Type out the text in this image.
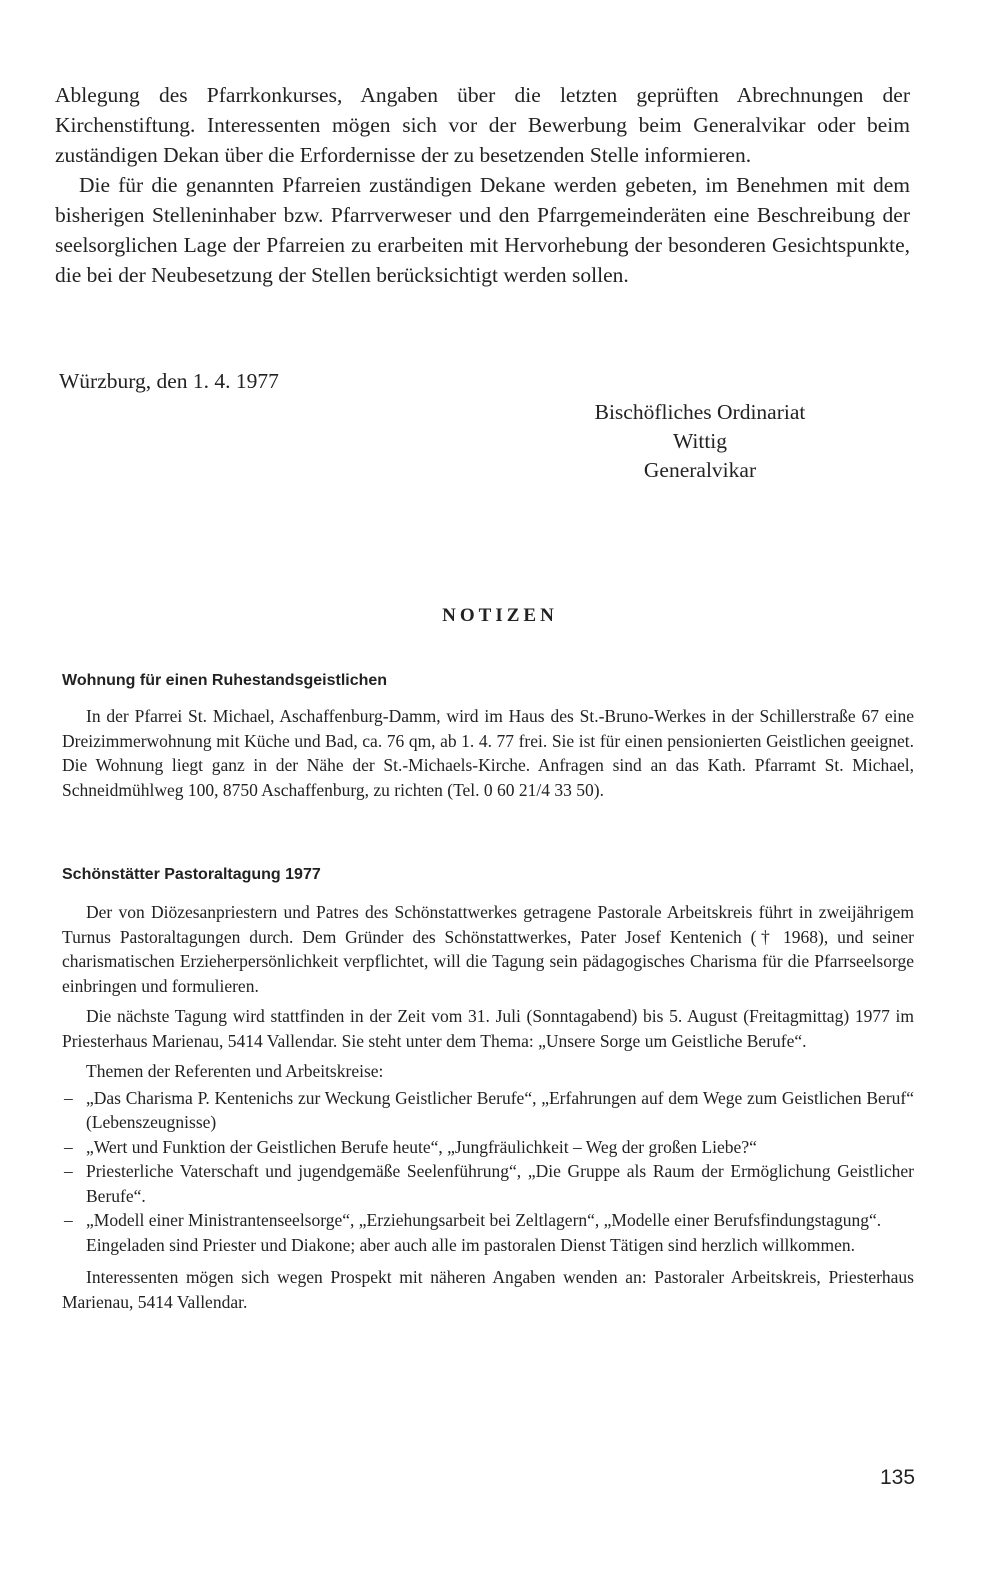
Ablegung des Pfarrkonkurses, Angaben über die letzten geprüften Abrechnungen der Kirchenstiftung. Interessenten mögen sich vor der Bewerbung beim Generalvikar oder beim zuständigen Dekan über die Erfordernisse der zu besetzenden Stelle informieren.

Die für die genannten Pfarreien zuständigen Dekane werden gebeten, im Benehmen mit dem bisherigen Stelleninhaber bzw. Pfarrverweser und den Pfarrgemeinderäten eine Beschreibung der seelsorglichen Lage der Pfarreien zu erarbeiten mit Hervorhebung der besonderen Gesichtspunkte, die bei der Neubesetzung der Stellen berücksichtigt werden sollen.

Würzburg, den 1. 4. 1977
Bischöfliches Ordinariat
Wittig
Generalvikar
NOTIZEN
Wohnung für einen Ruhestandsgeistlichen
In der Pfarrei St. Michael, Aschaffenburg-Damm, wird im Haus des St.-Bruno-Werkes in der Schillerstraße 67 eine Dreizimmerwohnung mit Küche und Bad, ca. 76 qm, ab 1. 4. 77 frei. Sie ist für einen pensionierten Geistlichen geeignet. Die Wohnung liegt ganz in der Nähe der St.-Michaels-Kirche. Anfragen sind an das Kath. Pfarramt St. Michael, Schneidmühlweg 100, 8750 Aschaffenburg, zu richten (Tel. 0 60 21/4 33 50).
Schönstätter Pastoraltagung 1977

Der von Diözesanpriestern und Patres des Schönstattwerkes getragene Pastorale Arbeitskreis führt in zweijährigem Turnus Pastoraltagungen durch. Dem Gründer des Schönstattwerkes, Pater Josef Kentenich († 1968), und seiner charismatischen Erzieherpersönlichkeit verpflichtet, will die Tagung sein pädagogisches Charisma für die Pfarrseelsorge einbringen und formulieren.

Die nächste Tagung wird stattfinden in der Zeit vom 31. Juli (Sonntagabend) bis 5. August (Freitagmittag) 1977 im Priesterhaus Marienau, 5414 Vallendar. Sie steht unter dem Thema: „Unsere Sorge um Geistliche Berufe“.

Themen der Referenten und Arbeitskreise:

– „Das Charisma P. Kentenichs zur Weckung Geistlicher Berufe“, „Erfahrungen auf dem Wege zum Geistlichen Beruf“ (Lebenszeugnisse)
– „Wert und Funktion der Geistlichen Berufe heute“, „Jungfräulichkeit – Weg der großen Liebe?“
– Priesterliche Vaterschaft und jugendgemäße Seelenführung“, „Die Gruppe als Raum der Ermöglichung Geistlicher Berufe“.
– „Modell einer Ministrantenseelsorge“, „Erziehungsarbeit bei Zeltlagern“, „Modelle einer Berufsfindungstagung“.

Eingeladen sind Priester und Diakone; aber auch alle im pastoralen Dienst Tätigen sind herzlich willkommen.

Interessenten mögen sich wegen Prospekt mit näheren Angaben wenden an: Pastoraler Arbeitskreis, Priesterhaus Marienau, 5414 Vallendar.

135
